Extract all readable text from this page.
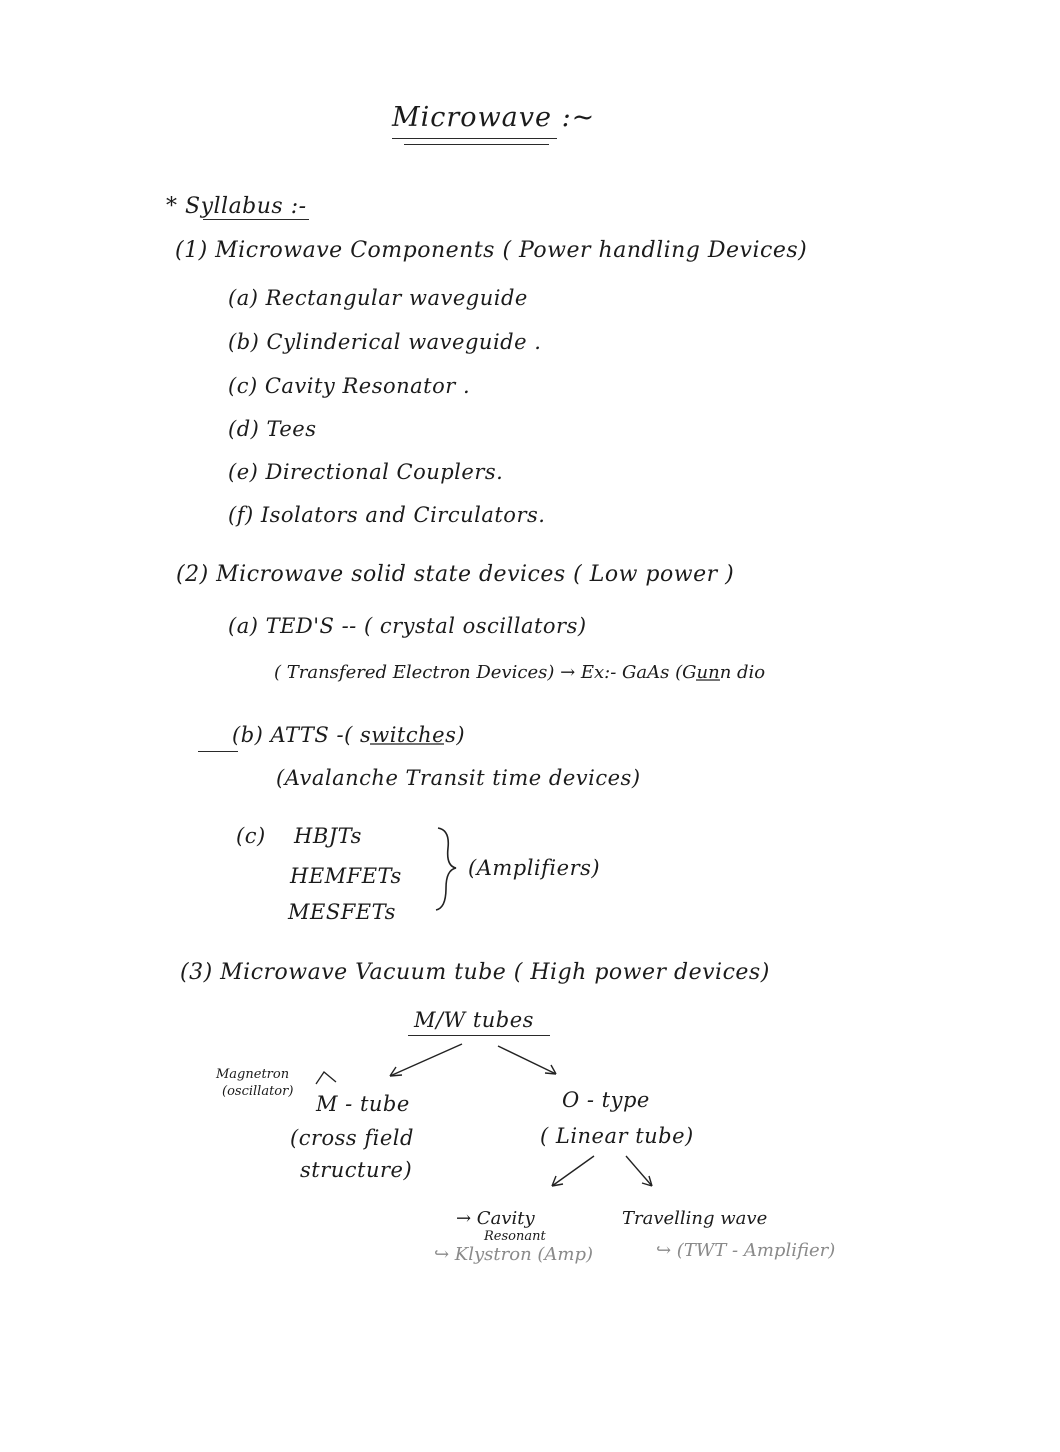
Microwave :~
* Syllabus :-
(1) Microwave Components ( Power handling Devices)
(a) Rectangular waveguide
(b) Cylinderical waveguide .
(c) Cavity Resonator .
(d) Tees
(e) Directional Couplers.
(f) Isolators and Circulators.
(2) Microwave solid state devices ( Low power )
(a) TED'S -- ( crystal oscillators)
( Transfered Electron Devices) → Ex:- GaAs (Gunn dio
(b) ATTS -( switches)
(Avalanche Transit time devices)
(c) HBJTs
HEMFETs
MESFETs
(Amplifiers)
(3) Microwave Vacuum tube ( High power devices)
M/W tubes
Magnetron
(oscillator)
M - tube
(cross field
structure)
O - type
( Linear tube)
→ Cavity
Resonant
Travelling wave
↪ Klystron (Amp)	↪ (TWT - Amplifier)
